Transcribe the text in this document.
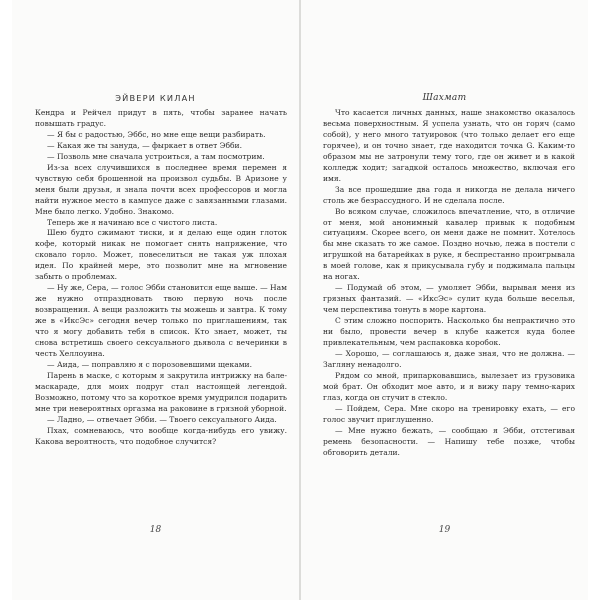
ЭЙВЕРИ КИЛАН

Кендра и Рейчел придут в пять, чтобы заранее начать повышать градус.

— Я бы с радостью, Эббс, но мне еще вещи разбирать.

— Какая же ты зануда, — фыркает в ответ Эбби.

— Позволь мне сначала устроиться, а там посмотрим.

Из-за всех случившихся в последнее время перемен я чувствую себя брошенной на произвол судьбы. В Аризоне у меня были друзья, я знала почти всех профессоров и могла найти нужное место в кампусе даже с завязанными глазами. Мне было легко. Удобно. Знакомо.

Теперь же я начинаю все с чистого листа.

Шею будто сжимают тиски, и я делаю еще один глоток кофе, который никак не помогает снять напряжение, что сковало горло. Может, повеселиться не такая уж плохая идея. По крайней мере, это позволит мне на мгновение забыть о проблемах.

— Ну же, Сера, — голос Эбби становится еще выше. — Нам же нужно отпраздновать твою первую ночь после возвращения. А вещи разложить ты можешь и завтра. К тому же в «ИксЭс» сегодня вечер только по приглашениям, так что я могу добавить тебя в список. Кто знает, может, ты снова встретишь своего сексуального дьявола с вечеринки в честь Хеллоуина.

— Аида, — поправляю я с порозовевшими щеками.

Парень в маске, с которым я закрутила интрижку на бале-маскараде, для моих подруг стал настоящей легендой. Возможно, потому что за короткое время умудрился подарить мне три невероятных оргазма на раковине в грязной уборной.

— Ладно, — отвечает Эбби. — Твоего сексуального Аида.

Пхах, сомневаюсь, что вообще когда-нибудь его увижу. Какова вероятность, что подобное случится?

18
Шахмат

Что касается личных данных, наше знакомство оказалось весьма поверхностным. Я успела узнать, что он горяч (само собой), у него много татуировок (что только делает его еще горячее), и он точно знает, где находится точка G. Каким-то образом мы не затронули тему того, где он живет и в какой колледж ходит; загадкой осталось множество, включая его имя.

За все прошедшие два года я никогда не делала ничего столь же безрассудного. И не сделала после.

Во всяком случае, сложилось впечатление, что, в отличие от меня, мой анонимный кавалер привык к подобным ситуациям. Скорее всего, он меня даже не помнит. Хотелось бы мне сказать то же самое. Поздно ночью, лежа в постели с игрушкой на батарейках в руке, я беспрестанно проигрывала в моей голове, как я прикусывала губу и поджимала пальцы на ногах.

— Подумай об этом, — умоляет Эбби, вырывая меня из грязных фантазий. — «ИксЭс» сулит куда больше веселья, чем перспектива тонуть в море картона.

С этим сложно поспорить. Насколько бы непрактично это ни было, провести вечер в клубе кажется куда более привлекательным, чем распаковка коробок.

— Хорошо, — соглашаюсь я, даже зная, что не должна. — Загляну ненадолго.

Рядом со мной, припарковавшись, вылезает из грузовика мой брат. Он обходит мое авто, и я вижу пару темно-карих глаз, когда он стучит в стекло.

— Пойдем, Сера. Мне скоро на тренировку ехать, — его голос звучит приглушенно.

— Мне нужно бежать, — сообщаю я Эбби, отстегивая ремень безопасности. — Напишу тебе позже, чтобы обговорить детали.

19
